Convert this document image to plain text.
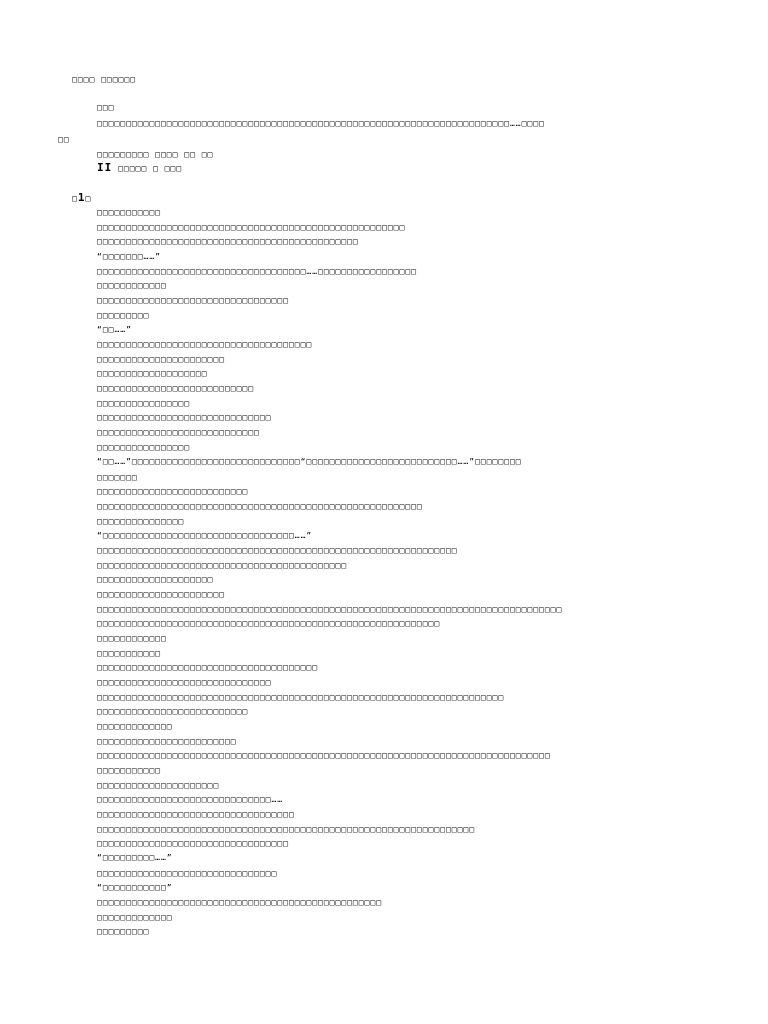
□□□□ □□□□□□
□□□
□□□□□□□□□□□□□□□□□□□□□□□□□□□□□□□□□□□□□□□□□□□□□□□□□□□□□□□□□□□□□□□□□□□□□□□……□□□□
□□
□□□□□□□□□ □□□□ □□ □□
II □□□□□ □ □□□
□1□
□□□□□□□□□□□
□□□□□□□□□□□□□□□□□□□□□□□□□□□□□□□□□□□□□□□□□□□□□□□□□□□□□
□□□□□□□□□□□□□□□□□□□□□□□□□□□□□□□□□□□□□□□□□□□□□
“□□□□□□□……”
□□□□□□□□□□□□□□□□□□□□□□□□□□□□□□□□□□□□……□□□□□□□□□□□□□□□□□
□□□□□□□□□□□□
□□□□□□□□□□□□□□□□□□□□□□□□□□□□□□□□□
□□□□□□□□□
“□□……”
□□□□□□□□□□□□□□□□□□□□□□□□□□□□□□□□□□□□□
□□□□□□□□□□□□□□□□□□□□□□
□□□□□□□□□□□□□□□□□□□
□□□□□□□□□□□□□□□□□□□□□□□□□□□
□□□□□□□□□□□□□□□□
□□□□□□□□□□□□□□□□□□□□□□□□□□□□□□
□□□□□□□□□□□□□□□□□□□□□□□□□□□□
□□□□□□□□□□□□□□□□
“□□……”□□□□□□□□□□□□□□□□□□□□□□□□□□□□□“□□□□□□□□□□□□□□□□□□□□□□□□□□……”□□□□□□□□
□□□□□□□
□□□□□□□□□□□□□□□□□□□□□□□□□□
□□□□□□□□□□□□□□□□□□□□□□□□□□□□□□□□□□□□□□□□□□□□□□□□□□□□□□□□
□□□□□□□□□□□□□□□
“□□□□□□□□□□□□□□□□□□□□□□□□□□□□□□□□□……”
□□□□□□□□□□□□□□□□□□□□□□□□□□□□□□□□□□□□□□□□□□□□□□□□□□□□□□□□□□□□□□
□□□□□□□□□□□□□□□□□□□□□□□□□□□□□□□□□□□□□□□□□□□
□□□□□□□□□□□□□□□□□□□□
□□□□□□□□□□□□□□□□□□□□□□
□□□□□□□□□□□□□□□□□□□□□□□□□□□□□□□□□□□□□□□□□□□□□□□□□□□□□□□□□□□□□□□□□□□□□□□□□□□□□□□□
□□□□□□□□□□□□□□□□□□□□□□□□□□□□□□□□□□□□□□□□□□□□□□□□□□□□□□□□□□□
□□□□□□□□□□□□
□□□□□□□□□□□
□□□□□□□□□□□□□□□□□□□□□□□□□□□□□□□□□□□□□□
□□□□□□□□□□□□□□□□□□□□□□□□□□□□□□
□□□□□□□□□□□□□□□□□□□□□□□□□□□□□□□□□□□□□□□□□□□□□□□□□□□□□□□□□□□□□□□□□□□□□□
□□□□□□□□□□□□□□□□□□□□□□□□□□
□□□□□□□□□□□□□
□□□□□□□□□□□□□□□□□□□□□□□□
□□□□□□□□□□□□□□□□□□□□□□□□□□□□□□□□□□□□□□□□□□□□□□□□□□□□□□□□□□□□□□□□□□□□□□□□□□□□□□
□□□□□□□□□□□
□□□□□□□□□□□□□□□□□□□□□
□□□□□□□□□□□□□□□□□□□□□□□□□□□□□□……
□□□□□□□□□□□□□□□□□□□□□□□□□□□□□□□□□□
□□□□□□□□□□□□□□□□□□□□□□□□□□□□□□□□□□□□□□□□□□□□□□□□□□□□□□□□□□□□□□□□□
□□□□□□□□□□□□□□□□□□□□□□□□□□□□□□□□□
“□□□□□□□□□……”
□□□□□□□□□□□□□□□□□□□□□□□□□□□□□□□
“□□□□□□□□□□□”
□□□□□□□□□□□□□□□□□□□□□□□□□□□□□□□□□□□□□□□□□□□□□□□□□
□□□□□□□□□□□□□
□□□□□□□□□
